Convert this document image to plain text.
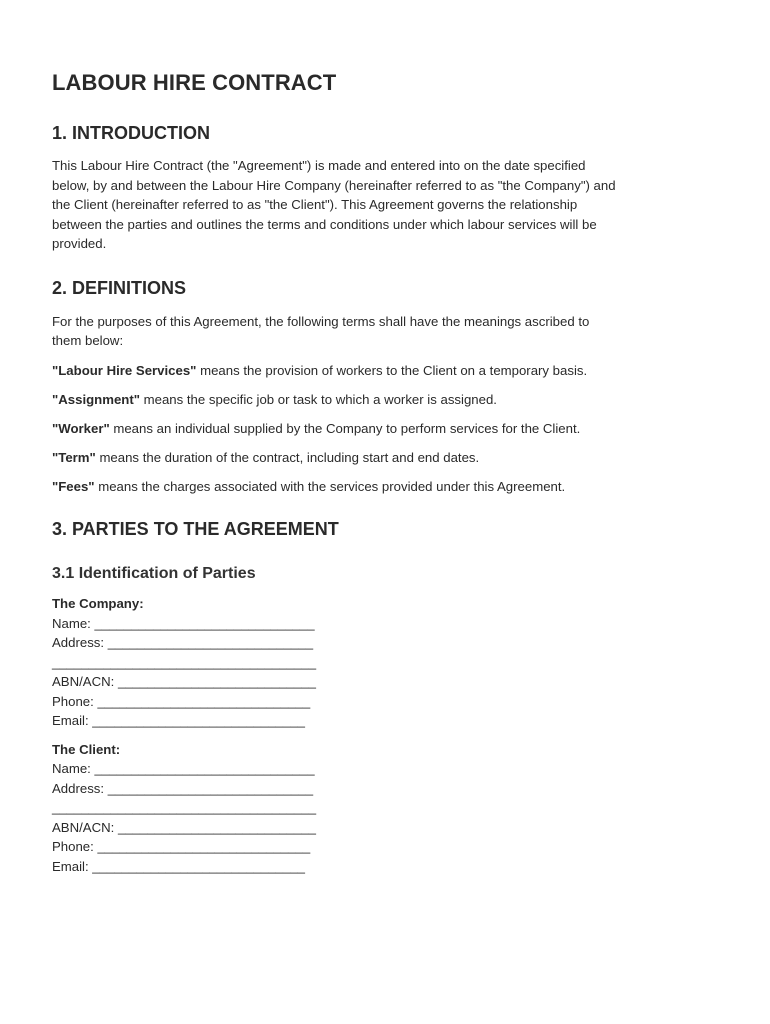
LABOUR HIRE CONTRACT
1. INTRODUCTION

This Labour Hire Contract (the "Agreement") is made and entered into on the date specified

below, by and between the Labour Hire Company (hereinafter referred to as "the Company") and

the Client (hereinafter referred to as "the Client"). This Agreement governs the relationship

between the parties and outlines the terms and conditions under which labour services will be

provided.

2. DEFINITIONS

For the purposes of this Agreement, the following terms shall have the meanings ascribed to

them below:

"Labour Hire Services" means the provision of workers to the Client on a temporary basis.
"Assignment" means the specific job or task to which a worker is assigned.
"Worker" means an individual supplied by the Company to perform services for the Client.
"Term" means the duration of the contract, including start and end dates.
"Fees" means the charges associated with the services provided under this Agreement.
3. PARTIES TO THE AGREEMENT
3.1 Identification of Parties
The Company:
Name: ______________________________
Address: ____________________________
____________________________________
ABN/ACN: ___________________________
Phone: _____________________________
Email: _____________________________
The Client:
Name: ______________________________
Address: ____________________________
____________________________________
ABN/ACN: ___________________________
Phone: _____________________________
Email: _____________________________
